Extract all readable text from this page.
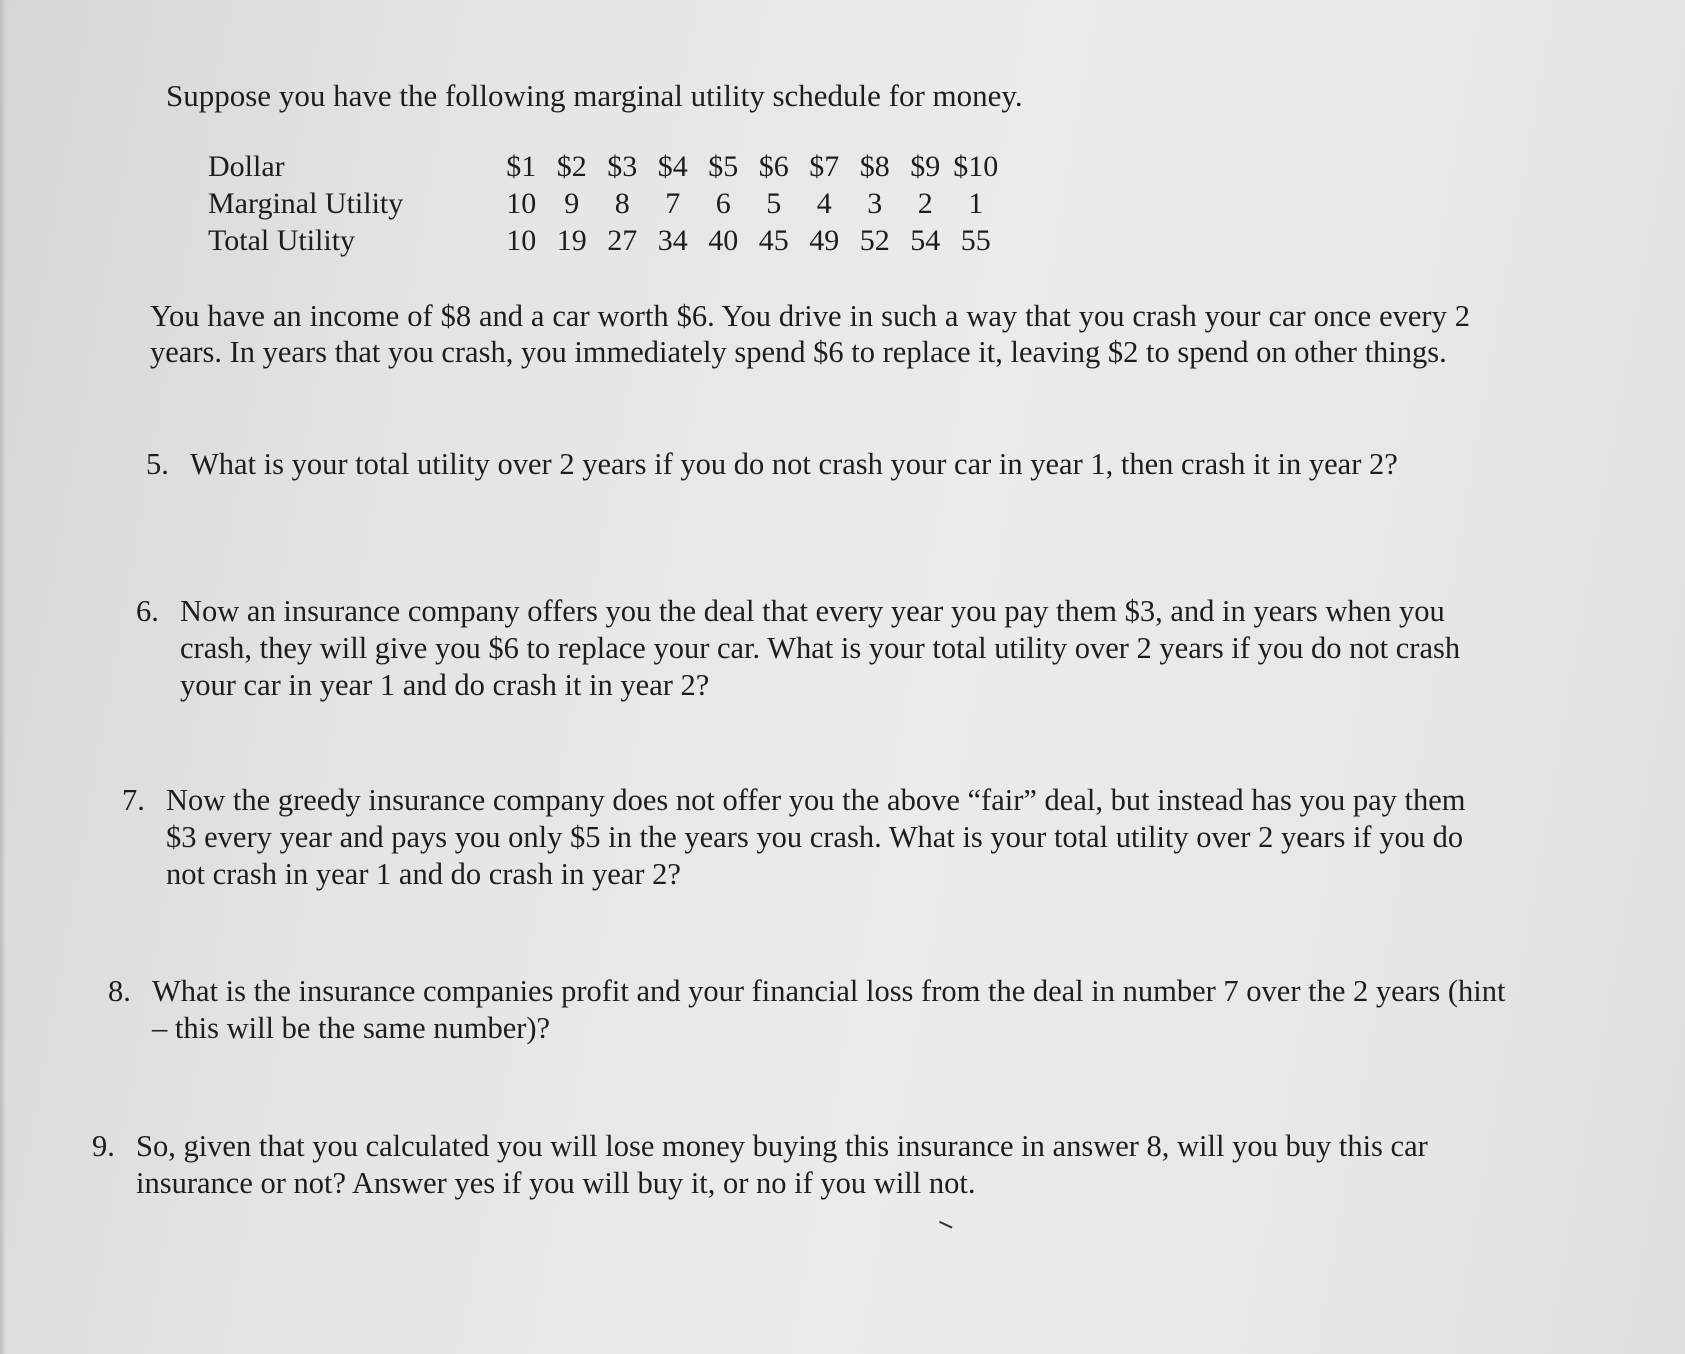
Suppose you have the following marginal utility schedule for money.

Dollar	$1 $2 $3 $4 $5 $6 $7 $8 $9 $10
Marginal Utility	10 9	8	7	6	5	4	3	2	1
Total Utility	10 19 27 34 40 45 49 52 54 55

You have an income of $8 and a car worth $6. You drive in such a way that you crash your car once every 2 years. In years that you crash, you immediately spend $6 to replace it, leaving $2 to spend on other things.

5. What is your total utility over 2 years if you do not crash your car in year 1, then crash it in year 2?
6. Now an insurance company offers you the deal that every year you pay them $3, and in years when you crash, they will give you $6 to replace your car. What is your total utility over 2 years if you do not crash your car in year 1 and do crash it in year 2?
7. Now the greedy insurance company does not offer you the above “fair” deal, but instead has you pay them $3 every year and pays you only $5 in the years you crash. What is your total utility over 2 years if you do not crash in year 1 and do crash in year 2?
8. What is the insurance companies profit and your financial loss from the deal in number 7 over the 2 years (hint – this will be the same number)?
9. So, given that you calculated you will lose money buying this insurance in answer 8, will you buy this car insurance or not? Answer yes if you will buy it, or no if you will not.
